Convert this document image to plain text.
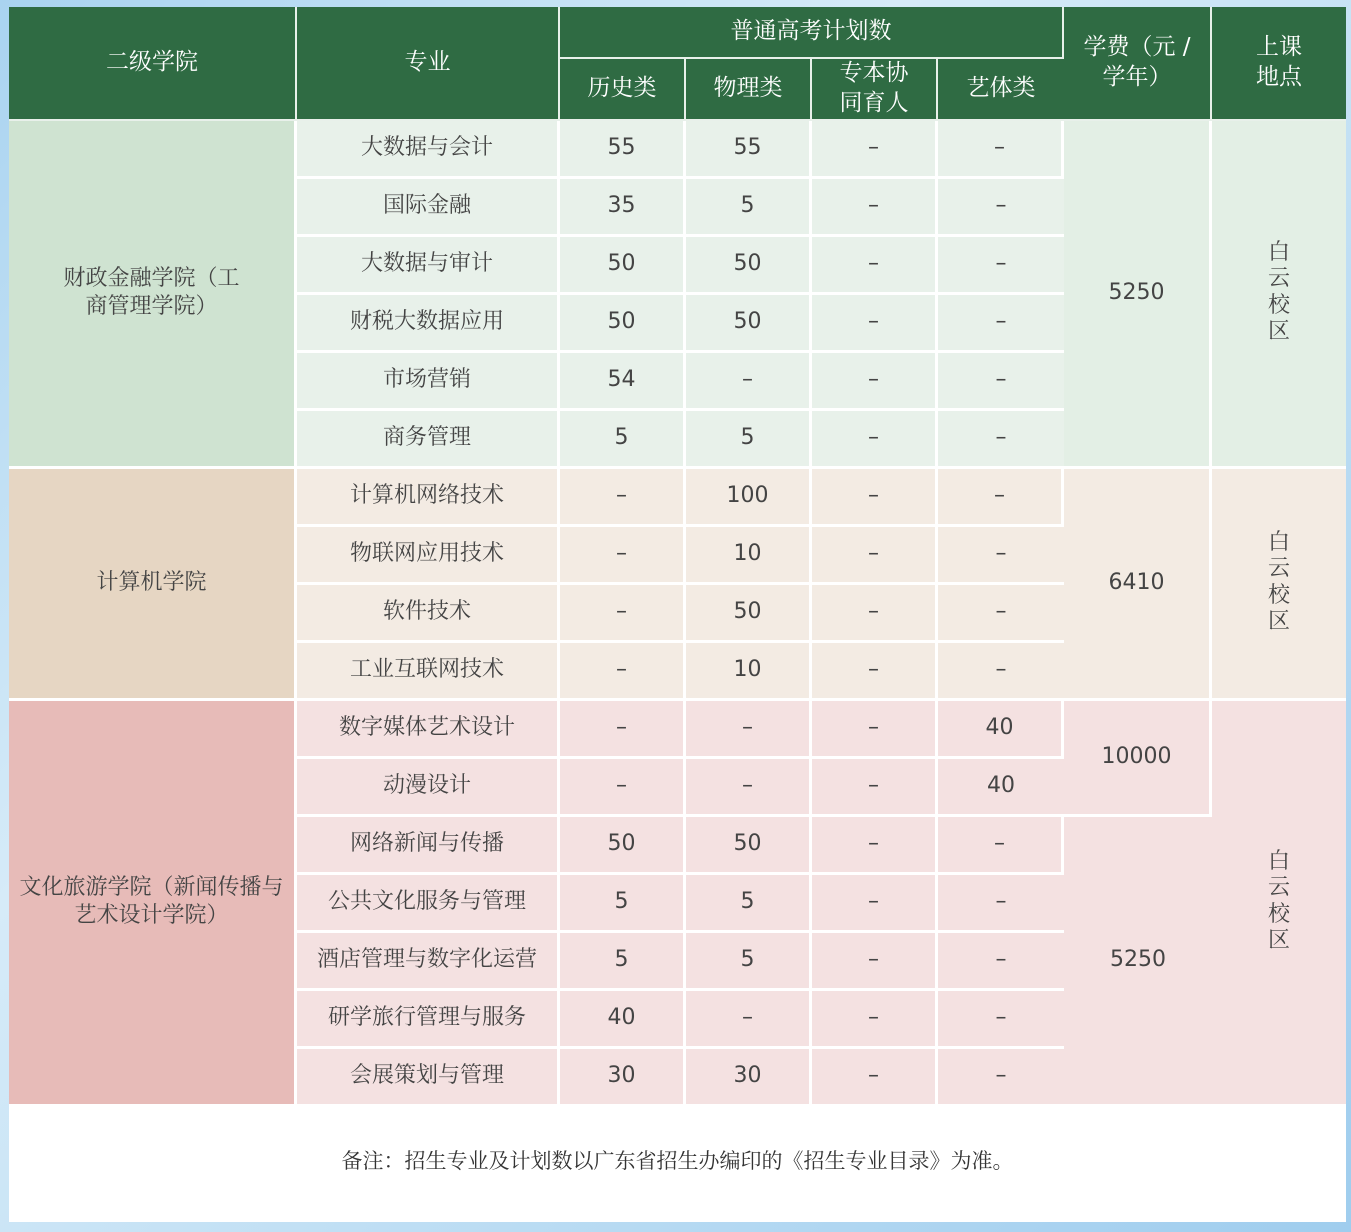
二级学院	专业	普通高考计划数				学费（元 / 学年）	上课地点
		历史类	物理类	专本协同育人	艺体类		
财政金融学院（工商管理学院）	大数据与会计	55	55	–	–	5250	白云校区
	国际金融	35	5	–	–		
	大数据与审计	50	50	–	–		
	财税大数据应用	50	50	–	–		
	市场营销	54	–	–	–		
	商务管理	5	5	–	–		
计算机学院	计算机网络技术	–	100	–	–	6410	白云校区
	物联网应用技术	–	10	–	–		
	软件技术	–	50	–	–		
	工业互联网技术	–	10	–	–		
文化旅游学院（新闻传播与艺术设计学院）	数字媒体艺术设计	–	–	–	40	10000	白云校区
	动漫设计	–	–	–	40		
	网络新闻与传播	50	50	–	–	5250	
	公共文化服务与管理	5	5	–	–		
	酒店管理与数字化运营	5	5	–	–		
	研学旅行管理与服务	40	–	–	–		
	会展策划与管理	30	30	–	–		
备注：招生专业及计划数以广东省招生办编印的《招生专业目录》为准。
